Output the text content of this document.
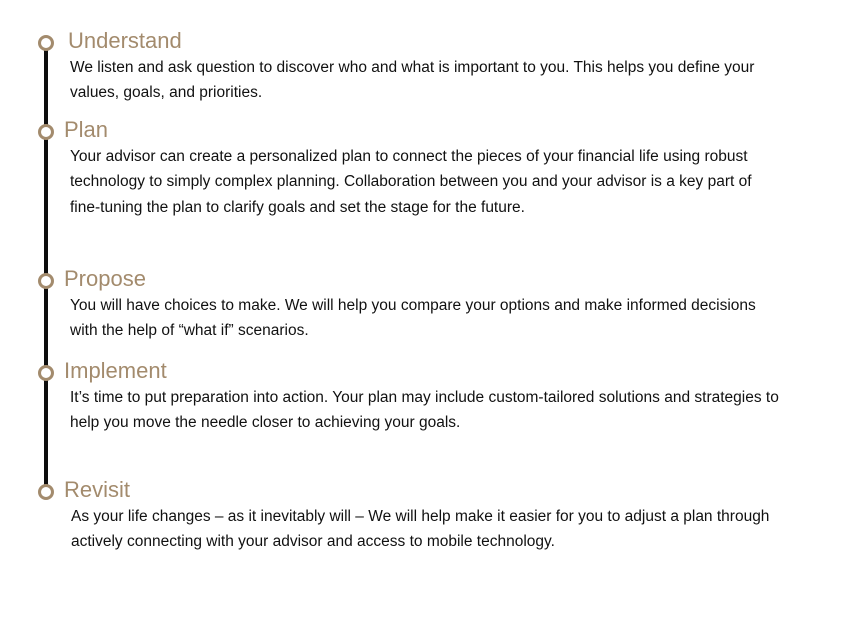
Understand

We listen and ask question to discover who and what is important to you. This helps you define your values, goals, and priorities.

Plan

Your advisor can create a personalized plan to connect the pieces of your financial life using robust technology to simply complex planning. Collaboration between you and your advisor is a key part of fine-tuning the plan to clarify goals and set the stage for the future.

Propose

You will have choices to make. We will help you compare your options and make informed decisions with the help of “what if” scenarios.

Implement

It’s time to put preparation into action. Your plan may include custom-tailored solutions and strategies to help you move the needle closer to achieving your goals.

Revisit

As your life changes – as it inevitably will – We will help make it easier for you to adjust a plan through actively connecting with your advisor and access to mobile technology.
